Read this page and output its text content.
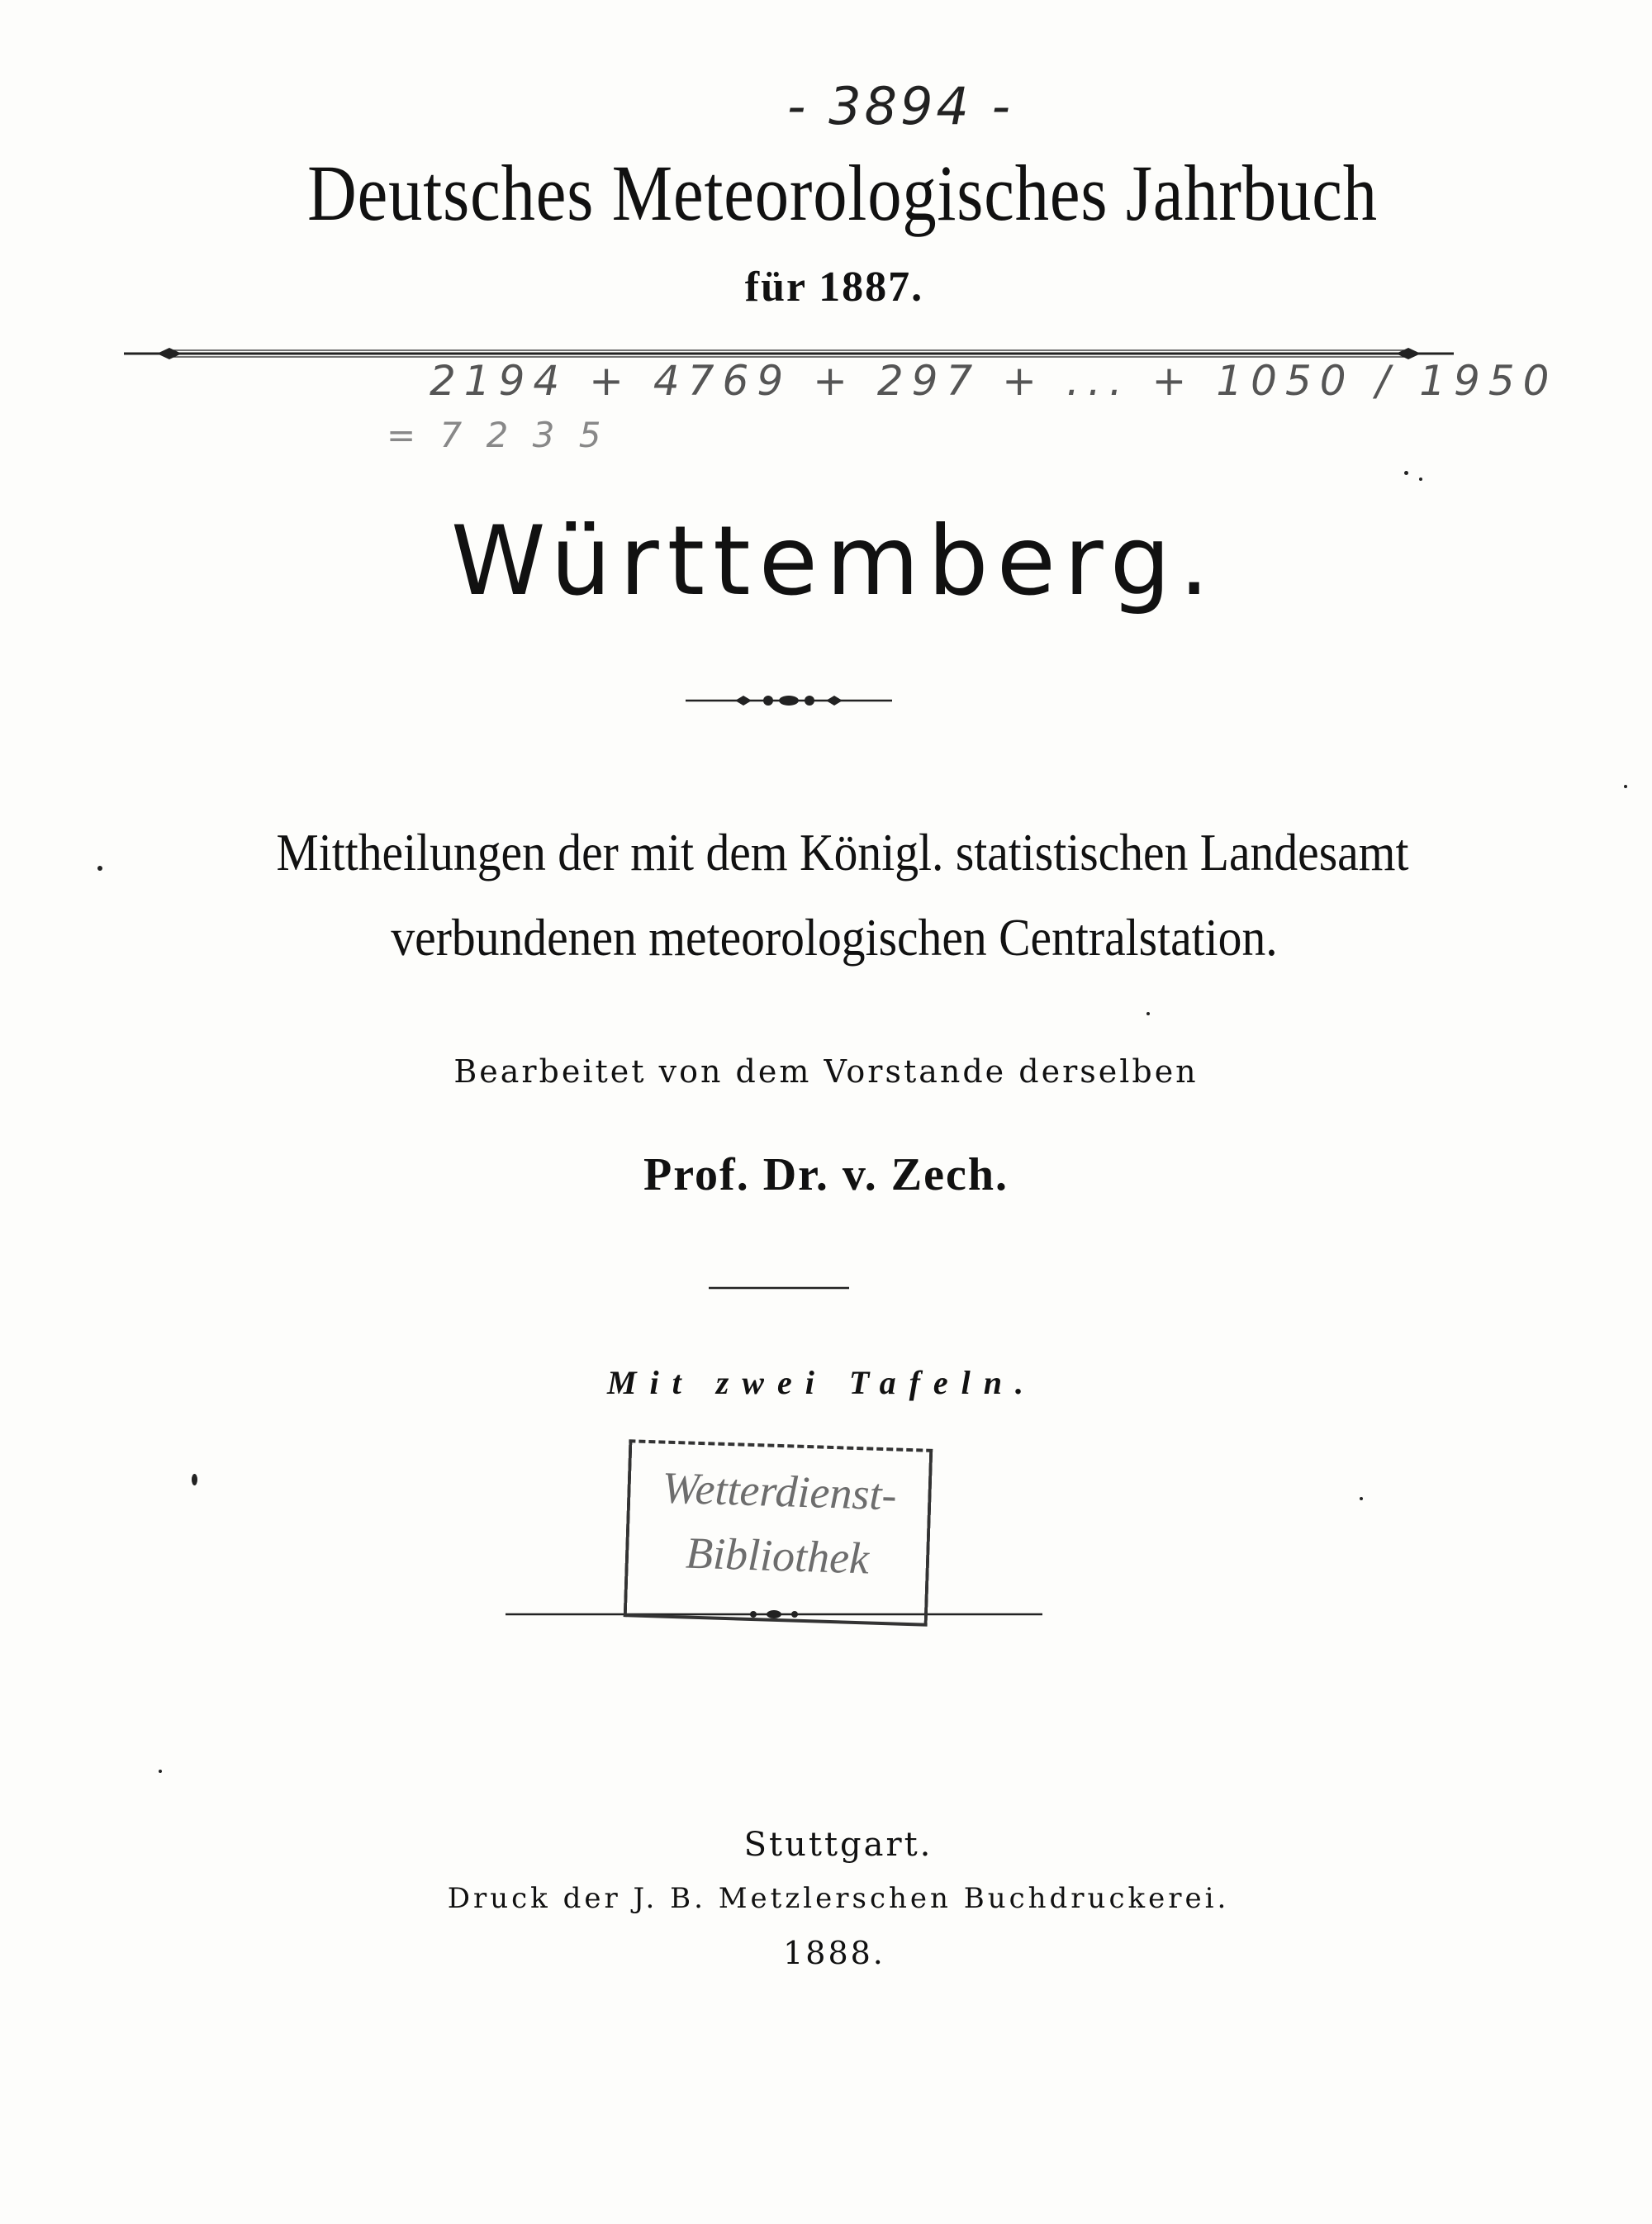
- 3894 -
Deutsches Meteorologisches Jahrbuch
für 1887.
2194 + 4769 + 297 + ... + 1050 / 1950
= 7 2 3 5
Württemberg.
Mittheilungen der mit dem Königl. statistischen Landesamt
verbundenen meteorologischen Centralstation.
Bearbeitet von dem Vorstande derselben
Prof. Dr. v. Zech.
Mit zwei Tafeln.
Wetterdienst-
Bibliothek
Stuttgart.
Druck der J. B. Metzlerschen Buchdruckerei.
1888.
